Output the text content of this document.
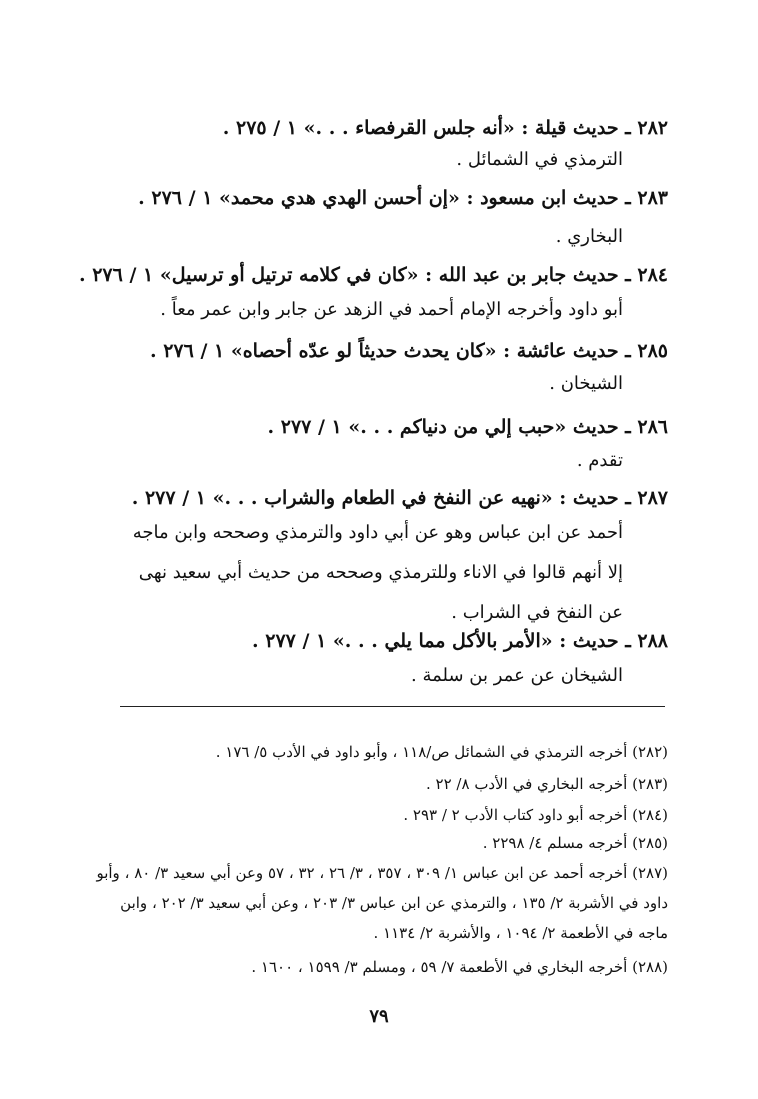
٢٨٢ ـ حديث قيلة : «أنه جلس القرفصاء . . .» ١ / ٢٧٥ .
الترمذي في الشمائل .
٢٨٣ ـ حديث ابن مسعود : «إن أحسن الهدي هدي محمد» ١ / ٢٧٦ .
البخاري .
٢٨٤ ـ حديث جابر بن عبد الله : «كان في كلامه ترتيل أو ترسيل» ١ / ٢٧٦ .
أبو داود وأخرجه الإمام أحمد في الزهد عن جابر وابن عمر معاً .
٢٨٥ ـ حديث عائشة : «كان يحدث حديثاً لو عدّه أحصاه» ١ / ٢٧٦ .
الشيخان .
٢٨٦ ـ حديث «حبب إلي من دنياكم . . .» ١ / ٢٧٧ .
تقدم .
٢٨٧ ـ حديث : «نهيه عن النفخ في الطعام والشراب . . .» ١ / ٢٧٧ .
أحمد عن ابن عباس وهو عن أبي داود والترمذي وصححه وابن ماجه إلا أنهم قالوا في الاناء وللترمذي وصححه من حديث أبي سعيد نهى عن النفخ في الشراب .
٢٨٨ ـ حديث : «الأمر بالأكل مما يلي . . .» ١ / ٢٧٧ .
الشيخان عن عمر بن سلمة .
(٢٨٢) أخرجه الترمذي في الشمائل ص/١١٨ ، وأبو داود في الأدب ٥/ ١٧٦ .
(٢٨٣) أخرجه البخاري في الأدب ٨/ ٢٢ .
(٢٨٤) أخرجه أبو داود كتاب الأدب ٢ / ٢٩٣ .
(٢٨٥) أخرجه مسلم ٤/ ٢٢٩٨ .
(٢٨٧) أخرجه أحمد عن ابن عباس ١/ ٣٠٩ ، ٣٥٧ ، ٣/ ٢٦ ، ٣٢ ، ٥٧ وعن أبي سعيد ٣/ ٨٠ ، وأبو داود في الأشربة ٢/ ١٣٥ ، والترمذي عن ابن عباس ٣/ ٢٠٣ ، وعن أبي سعيد ٣/ ٢٠٢ ، وابن ماجه في الأطعمة ٢/ ١٠٩٤ ، والأشربة ٢/ ١١٣٤ .
(٢٨٨) أخرجه البخاري في الأطعمة ٧/ ٥٩ ، ومسلم ٣/ ١٥٩٩ ، ١٦٠٠ .
٧٩
